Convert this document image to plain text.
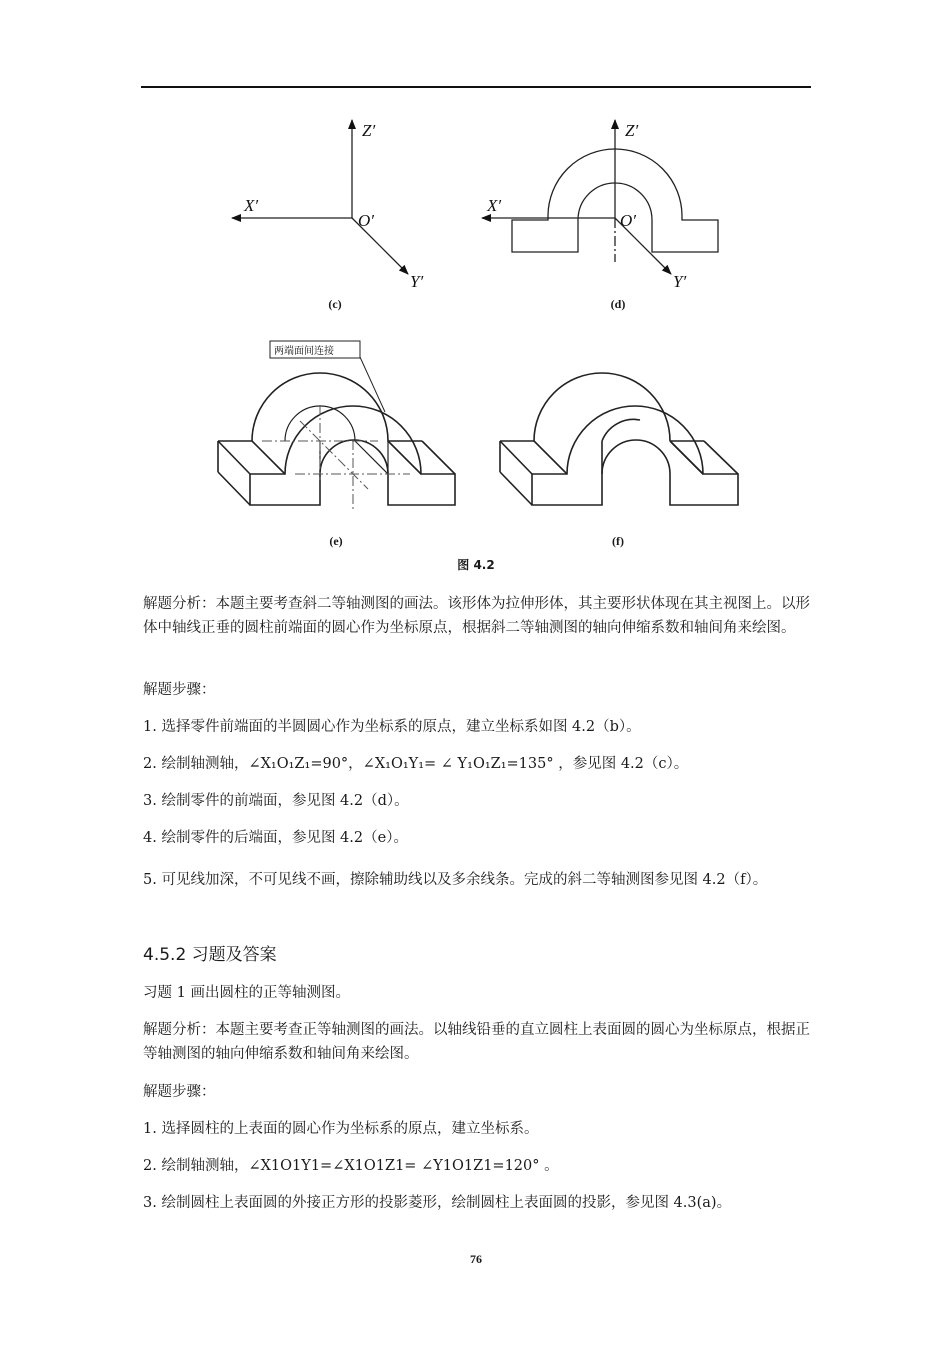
Z′
X′
O′
Y′
Z′
X′
O′
Y′
两端面间连接
(c)	(d)
(e)	(f)
图 4.2
解题分析：本题主要考查斜二等轴测图的画法。该形体为拉伸形体，其主要形状体现在其主视图上。以形体中轴线正垂的圆柱前端面的圆心作为坐标原点，根据斜二等轴测图的轴向伸缩系数和轴间角来绘图。
解题步骤：
1. 选择零件前端面的半圆圆心作为坐标系的原点，建立坐标系如图 4.2（b）。
2. 绘制轴测轴，∠X₁O₁Z₁=90°，∠X₁O₁Y₁= ∠ Y₁O₁Z₁=135° ，参见图 4.2（c）。
3. 绘制零件的前端面，参见图 4.2（d）。
4. 绘制零件的后端面，参见图 4.2（e）。
5. 可见线加深，不可见线不画，擦除辅助线以及多余线条。完成的斜二等轴测图参见图 4.2（f）。
4.5.2 习题及答案
习题 1 画出圆柱的正等轴测图。
解题分析：本题主要考查正等轴测图的画法。以轴线铅垂的直立圆柱上表面圆的圆心为坐标原点，根据正等轴测图的轴向伸缩系数和轴间角来绘图。
解题步骤：
1. 选择圆柱的上表面的圆心作为坐标系的原点，建立坐标系。
2. 绘制轴测轴，∠X1O1Y1=∠X1O1Z1= ∠Y1O1Z1=120° 。
3. 绘制圆柱上表面圆的外接正方形的投影菱形，绘制圆柱上表面圆的投影，参见图 4.3(a)。
76
